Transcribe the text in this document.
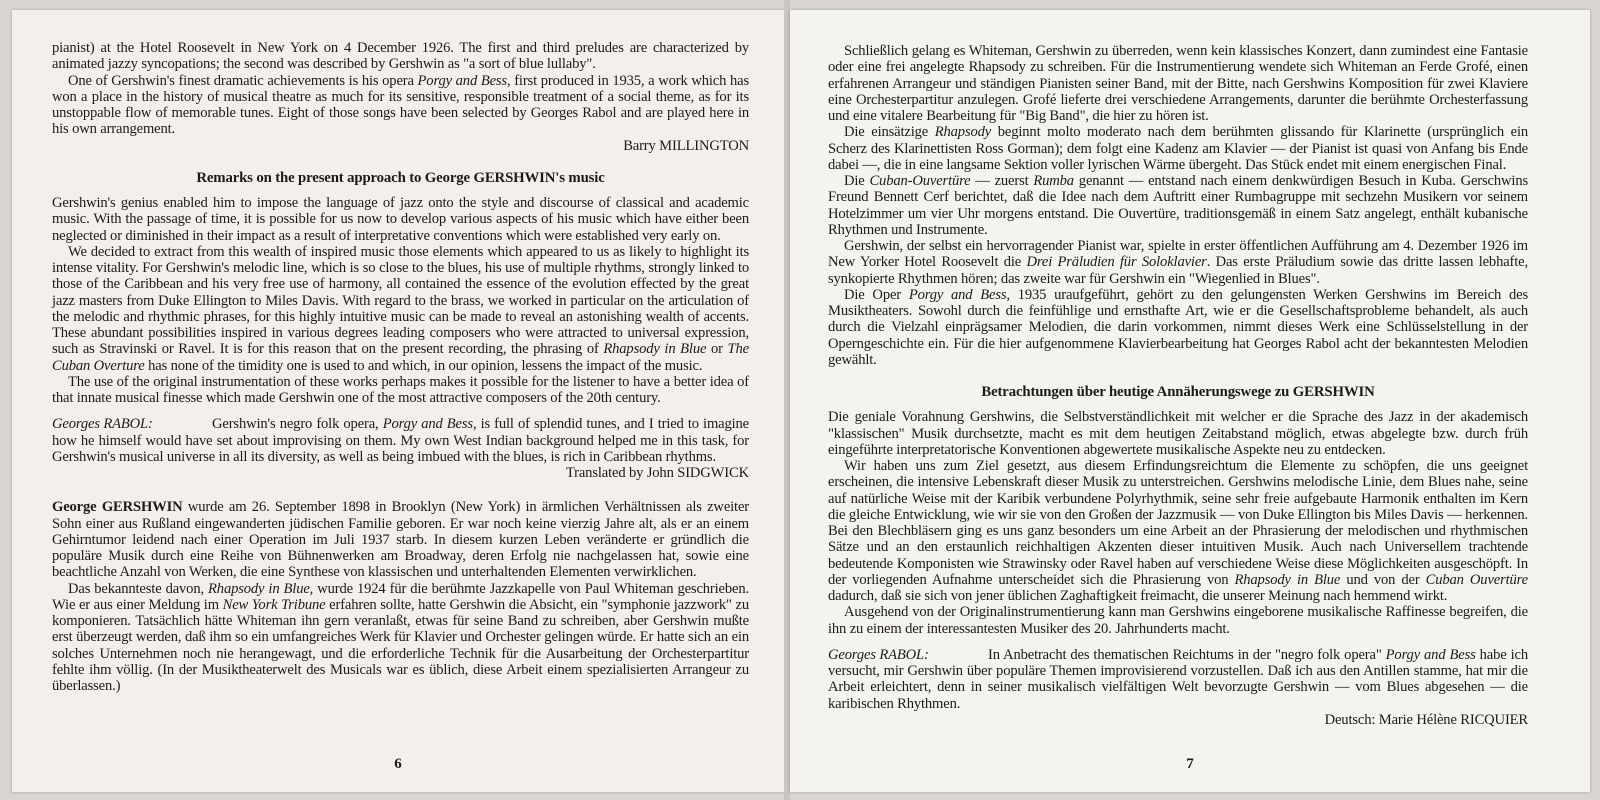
pianist) at the Hotel Roosevelt in New York on 4 December 1926. The first and third preludes are characterized by animated jazzy syncopations; the second was described by Gershwin as "a sort of blue lullaby".

One of Gershwin's finest dramatic achievements is his opera Porgy and Bess, first produced in 1935, a work which has won a place in the history of musical theatre as much for its sensitive, responsible treatment of a social theme, as for its unstoppable flow of memorable tunes. Eight of those songs have been selected by Georges Rabol and are played here in his own arrangement.

Barry MILLINGTON

Remarks on the present approach to George GERSHWIN's music

Gershwin's genius enabled him to impose the language of jazz onto the style and discourse of classical and academic music. With the passage of time, it is possible for us now to develop various aspects of his music which have either been neglected or diminished in their impact as a result of interpretative conventions which were established very early on.

We decided to extract from this wealth of inspired music those elements which appeared to us as likely to highlight its intense vitality. For Gershwin's melodic line, which is so close to the blues, his use of multiple rhythms, strongly linked to those of the Caribbean and his very free use of harmony, all contained the essence of the evolution effected by the great jazz masters from Duke Ellington to Miles Davis. With regard to the brass, we worked in particular on the articulation of the melodic and rhythmic phrases, for this highly intuitive music can be made to reveal an astonishing wealth of accents. These abundant possibilities inspired in various degrees leading composers who were attracted to universal expression, such as Stravinski or Ravel. It is for this reason that on the present recording, the phrasing of Rhapsody in Blue or The Cuban Overture has none of the timidity one is used to and which, in our opinion, lessens the impact of the music.

The use of the original instrumentation of these works perhaps makes it possible for the listener to have a better idea of that innate musical finesse which made Gershwin one of the most attractive composers of the 20th century.

Georges RABOL:	Gershwin's negro folk opera, Porgy and Bess, is full of splendid tunes, and I tried to imagine how he himself would have set about improvising on them. My own West Indian background helped me in this task, for Gershwin's musical universe in all its diversity, as well as being imbued with the blues, is rich in Caribbean rhythms.

Translated by John SIDGWICK

George GERSHWIN wurde am 26. September 1898 in Brooklyn (New York) in ärmlichen Verhältnissen als zweiter Sohn einer aus Rußland eingewanderten jüdischen Familie geboren. Er war noch keine vierzig Jahre alt, als er an einem Gehirntumor leidend nach einer Operation im Juli 1937 starb. In diesem kurzen Leben veränderte er gründlich die populäre Musik durch eine Reihe von Bühnenwerken am Broadway, deren Erfolg nie nachgelassen hat, sowie eine beachtliche Anzahl von Werken, die eine Synthese von klassischen und unterhaltenden Elementen verwirklichen.

Das bekannteste davon, Rhapsody in Blue, wurde 1924 für die berühmte Jazzkapelle von Paul Whiteman geschrieben. Wie er aus einer Meldung im New York Tribune erfahren sollte, hatte Gershwin die Absicht, ein "symphonie jazzwork" zu komponieren. Tatsächlich hätte Whiteman ihn gern veranlaßt, etwas für seine Band zu schreiben, aber Gershwin mußte erst überzeugt werden, daß ihm so ein umfangreiches Werk für Klavier und Orchester gelingen würde. Er hatte sich an ein solches Unternehmen noch nie herangewagt, und die erforderliche Technik für die Ausarbeitung der Orchesterpartitur fehlte ihm völlig. (In der Musiktheaterwelt des Musicals war es üblich, diese Arbeit einem spezialisierten Arrangeur zu überlassen.)

6

Schließlich gelang es Whiteman, Gershwin zu überreden, wenn kein klassisches Konzert, dann zumindest eine Fantasie oder eine frei angelegte Rhapsody zu schreiben. Für die Instrumentierung wendete sich Whiteman an Ferde Grofé, einen erfahrenen Arrangeur und ständigen Pianisten seiner Band, mit der Bitte, nach Gershwins Komposition für zwei Klaviere eine Orchesterpartitur anzulegen. Grofé lieferte drei verschiedene Arrangements, darunter die berühmte Orchesterfassung und eine vitalere Bearbeitung für "Big Band", die hier zu hören ist.

Die einsätzige Rhapsody beginnt molto moderato nach dem berühmten glissando für Klarinette (ursprünglich ein Scherz des Klarinettisten Ross Gorman); dem folgt eine Kadenz am Klavier — der Pianist ist quasi von Anfang bis Ende dabei —, die in eine langsame Sektion voller lyrischen Wärme übergeht. Das Stück endet mit einem energischen Final.

Die Cuban-Ouvertüre — zuerst Rumba genannt — entstand nach einem denkwürdigen Besuch in Kuba. Gerschwins Freund Bennett Cerf berichtet, daß die Idee nach dem Auftritt einer Rumbagruppe mit sechzehn Musikern vor seinem Hotelzimmer um vier Uhr morgens entstand. Die Ouvertüre, traditionsgemäß in einem Satz angelegt, enthält kubanische Rhythmen und Instrumente.

Gershwin, der selbst ein hervorragender Pianist war, spielte in erster öffentlichen Aufführung am 4. Dezember 1926 im New Yorker Hotel Roosevelt die Drei Präludien für Soloklavier. Das erste Präludium sowie das dritte lassen lebhafte, synkopierte Rhythmen hören; das zweite war für Gershwin ein "Wiegenlied in Blues".

Die Oper Porgy and Bess, 1935 uraufgeführt, gehört zu den gelungensten Werken Gershwins im Bereich des Musiktheaters. Sowohl durch die feinfühlige und ernsthafte Art, wie er die Gesellschaftsprobleme behandelt, als auch durch die Vielzahl einprägsamer Melodien, die darin vorkommen, nimmt dieses Werk eine Schlüsselstellung in der Operngeschichte ein. Für die hier aufgenommene Klavierbearbeitung hat Georges Rabol acht der bekanntesten Melodien gewählt.

Betrachtungen über heutige Annäherungswege zu GERSHWIN

Die geniale Vorahnung Gershwins, die Selbstverständlichkeit mit welcher er die Sprache des Jazz in der akademisch "klassischen" Musik durchsetzte, macht es mit dem heutigen Zeitabstand möglich, etwas abgelegte bzw. durch früh eingeführte interpretatorische Konventionen abgewertete musikalische Aspekte neu zu entdecken.

Wir haben uns zum Ziel gesetzt, aus diesem Erfindungsreichtum die Elemente zu schöpfen, die uns geeignet erscheinen, die intensive Lebenskraft dieser Musik zu unterstreichen. Gershwins melodische Linie, dem Blues nahe, seine auf natürliche Weise mit der Karibik verbundene Polyrhythmik, seine sehr freie aufgebaute Harmonik enthalten im Kern die gleiche Entwicklung, wie wir sie von den Großen der Jazzmusik — von Duke Ellington bis Miles Davis — herkennen. Bei den Blechbläsern ging es uns ganz besonders um eine Arbeit an der Phrasierung der melodischen und rhythmischen Sätze und an den erstaunlich reichhaltigen Akzenten dieser intuitiven Musik. Auch nach Universellem trachtende bedeutende Komponisten wie Strawinsky oder Ravel haben auf verschiedene Weise diese Möglichkeiten ausgeschöpft. In der vorliegenden Aufnahme unterscheidet sich die Phrasierung von Rhapsody in Blue und von der Cuban Ouvertüre dadurch, daß sie sich von jener üblichen Zaghaftigkeit freimacht, die unserer Meinung nach hemmend wirkt.

Ausgehend von der Originalinstrumentierung kann man Gershwins eingeborene musikalische Raffinesse begreifen, die ihn zu einem der interessantesten Musiker des 20. Jahrhunderts macht.

Georges RABOL:	In Anbetracht des thematischen Reichtums in der "negro folk opera" Porgy and Bess habe ich versucht, mir Gershwin über populäre Themen improvisierend vorzustellen. Daß ich aus den Antillen stamme, hat mir die Arbeit erleichtert, denn in seiner musikalisch vielfältigen Welt bevorzugte Gershwin — vom Blues abgesehen — die karibischen Rhythmen.

Deutsch: Marie Hélène RICQUIER

7
